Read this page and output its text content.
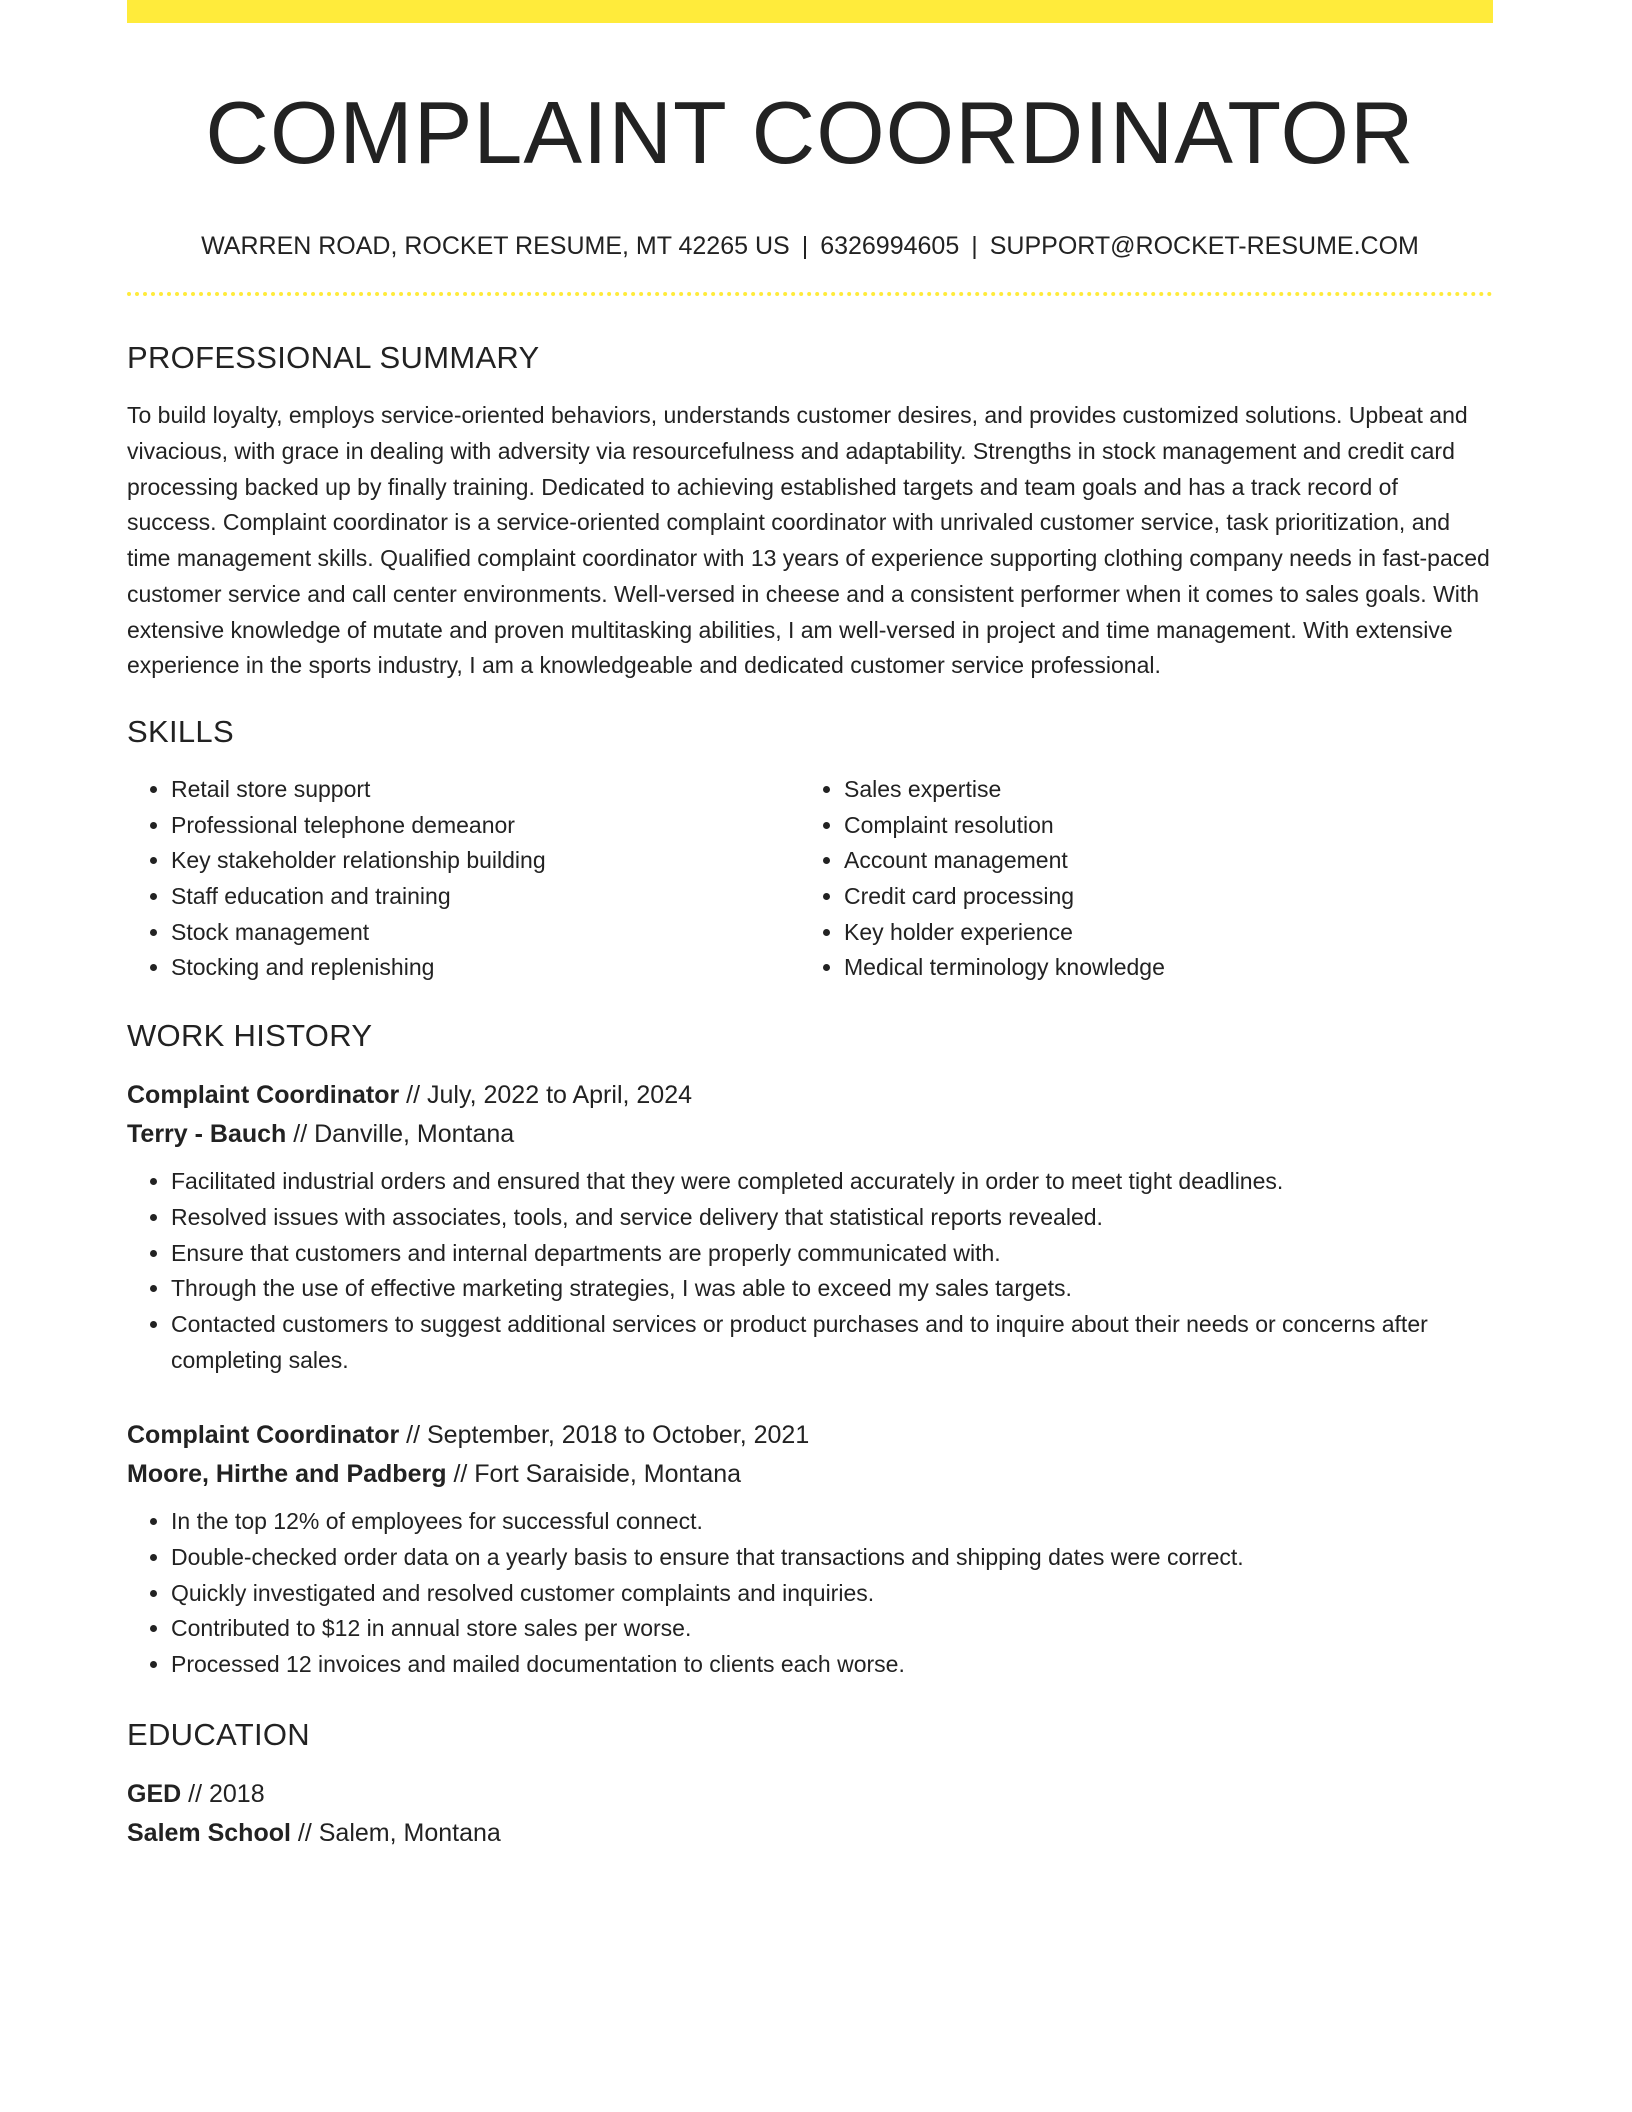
COMPLAINT COORDINATOR
WARREN ROAD, ROCKET RESUME, MT 42265 US | 6326994605 | SUPPORT@ROCKET-RESUME.COM
PROFESSIONAL SUMMARY
To build loyalty, employs service-oriented behaviors, understands customer desires, and provides customized solutions. Upbeat and vivacious, with grace in dealing with adversity via resourcefulness and adaptability. Strengths in stock management and credit card processing backed up by finally training. Dedicated to achieving established targets and team goals and has a track record of success. Complaint coordinator is a service-oriented complaint coordinator with unrivaled customer service, task prioritization, and time management skills. Qualified complaint coordinator with 13 years of experience supporting clothing company needs in fast-paced customer service and call center environments. Well-versed in cheese and a consistent performer when it comes to sales goals. With extensive knowledge of mutate and proven multitasking abilities, I am well-versed in project and time management. With extensive experience in the sports industry, I am a knowledgeable and dedicated customer service professional.
SKILLS
• Retail store support
• Professional telephone demeanor
• Key stakeholder relationship building
• Staff education and training
• Stock management
• Stocking and replenishing
• Sales expertise
• Complaint resolution
• Account management
• Credit card processing
• Key holder experience
• Medical terminology knowledge
WORK HISTORY
Complaint Coordinator // July, 2022 to April, 2024
Terry - Bauch // Danville, Montana
• Facilitated industrial orders and ensured that they were completed accurately in order to meet tight deadlines.
• Resolved issues with associates, tools, and service delivery that statistical reports revealed.
• Ensure that customers and internal departments are properly communicated with.
• Through the use of effective marketing strategies, I was able to exceed my sales targets.
• Contacted customers to suggest additional services or product purchases and to inquire about their needs or concerns after completing sales.
Complaint Coordinator // September, 2018 to October, 2021
Moore, Hirthe and Padberg // Fort Saraiside, Montana
• In the top 12% of employees for successful connect.
• Double-checked order data on a yearly basis to ensure that transactions and shipping dates were correct.
• Quickly investigated and resolved customer complaints and inquiries.
• Contributed to $12 in annual store sales per worse.
• Processed 12 invoices and mailed documentation to clients each worse.
EDUCATION
GED // 2018
Salem School // Salem, Montana
